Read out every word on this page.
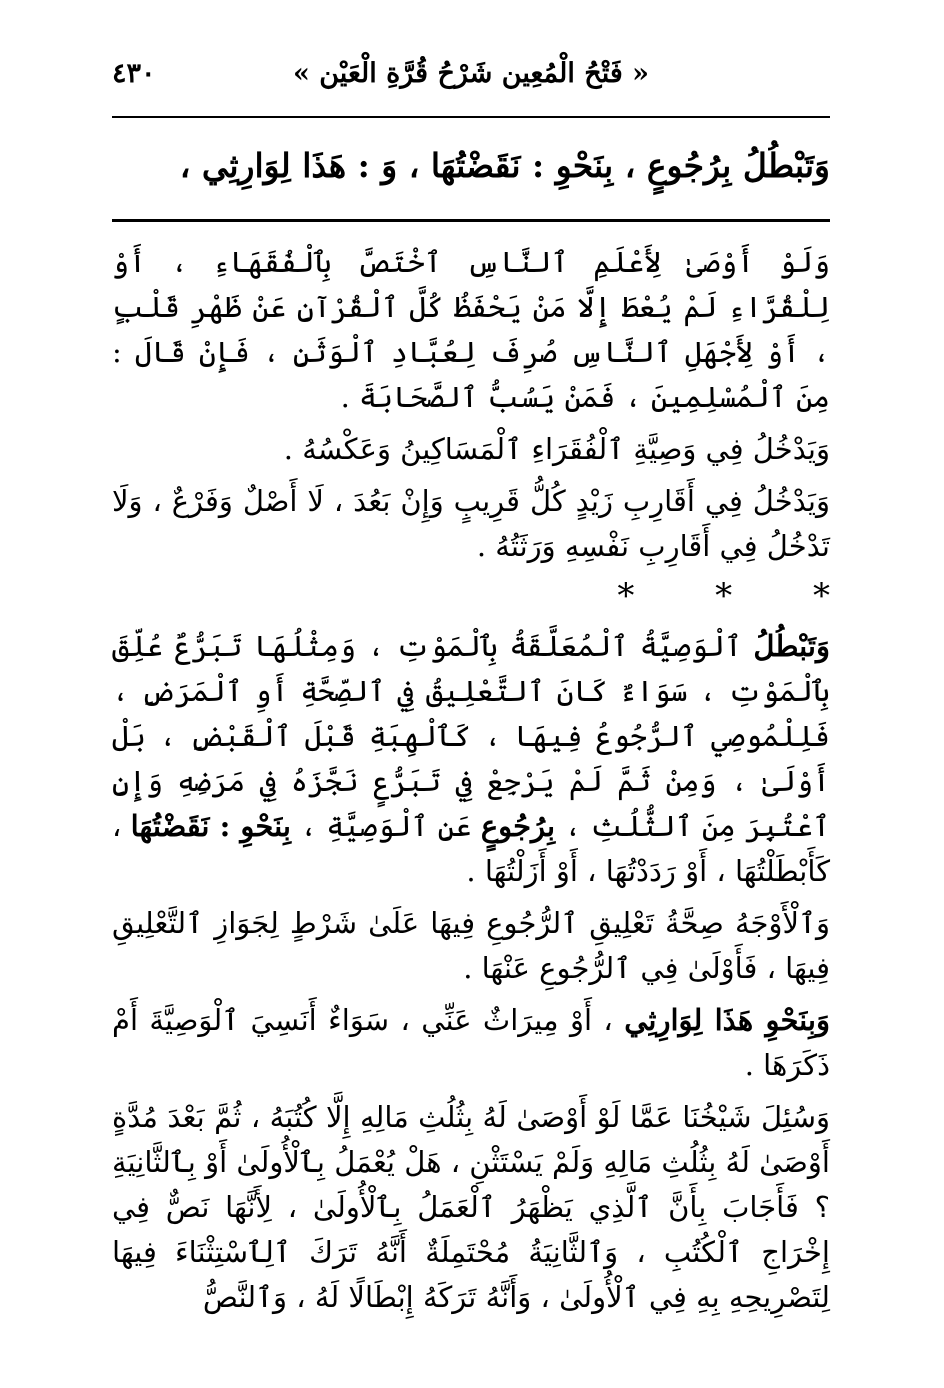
٤٣٠	« فَتْحُ الْمُعِين شَرْحُ قُرَّةِ الْعَيْن »
وَتَبْطُلُ بِرُجُوعٍ ، بِنَحْوِ : نَقَضْتُهَا ، وَ : هَذَا لِوَارِثِي ،

وَلَوْ أَوْصَىٰ لِأَعْلَمِ ٱلنَّاسِ ٱخْتَصَّ بِٱلْفُقَهَاءِ ، أَوْ لِلْقُرَّاءِ لَمْ يُعْطَ إِلَّا مَنْ يَحْفَظُ كُلَّ ٱلْقُرْآنِ عَنْ ظَهْرِ قَلْبٍ ، أَوْ لِأَجْهَلِ ٱلنَّاسِ صُرِفَ لِعُبَّادِ ٱلْوَثَنِ ، فَإِنْ قَالَ : مِنَ ٱلْمُسْلِمِينَ ، فَمَنْ يَسُبُّ ٱلصَّحَابَةَ .

وَيَدْخُلُ فِي وَصِيَّةِ ٱلْفُقَرَاءِ ٱلْمَسَاكِينُ وَعَكْسُهُ .

وَيَدْخُلُ فِي أَقَارِبِ زَيْدٍ كُلُّ قَرِيبٍ وَإِنْ بَعُدَ ، لَا أَصْلٌ وَفَرْعٌ ، وَلَا تَدْخُلُ فِي أَقَارِبِ نَفْسِهِ وَرَثَتُهُ .

* * *

وَتَبْطُلُ ٱلْوَصِيَّةُ ٱلْمُعَلَّقَةُ بِٱلْمَوْتِ ، وَمِثْلُهَا تَبَرُّعٌ عُلِّقَ بِٱلْمَوْتِ ، سَوَاءٌ كَانَ ٱلتَّعْلِيقُ فِي ٱلصِّحَّةِ أَوِ ٱلْمَرَضِ ، فَلِلْمُوصِي ٱلرُّجُوعُ فِيهَا ، كَٱلْهِبَةِ قَبْلَ ٱلْقَبْضِ ، بَلْ أَوْلَىٰ ، وَمِنْ ثَمَّ لَمْ يَرْجِعْ فِي تَبَرُّعٍ نَجَّزَهُ فِي مَرَضِهِ وَإِنِ ٱعْتُبِرَ مِنَ ٱلثُّلُثِ ، بِرُجُوعٍ عَنِ ٱلْوَصِيَّةِ ، بِنَحْوِ : نَقَضْتُهَا ، كَأَبْطَلْتُهَا ، أَوْ رَدَدْتُهَا ، أَوْ أَزَلْتُهَا .

وَٱلْأَوْجَهُ صِحَّةُ تَعْلِيقِ ٱلرُّجُوعِ فِيهَا عَلَىٰ شَرْطٍ لِجَوَازِ ٱلتَّعْلِيقِ فِيهَا ، فَأَوْلَىٰ فِي ٱلرُّجُوعِ عَنْهَا .

وَبِنَحْوِ هَذَا لِوَارِثِي ، أَوْ مِيرَاثٌ عَنِّي ، سَوَاءٌ أَنَسِيَ ٱلْوَصِيَّةَ أَمْ ذَكَرَهَا .

وَسُئِلَ شَيْخُنَا عَمَّا لَوْ أَوْصَىٰ لَهُ بِثُلُثِ مَالِهِ إِلَّا كُتُبَهُ ، ثُمَّ بَعْدَ مُدَّةٍ أَوْصَىٰ لَهُ بِثُلُثِ مَالِهِ وَلَمْ يَسْتَثْنِ ، هَلْ يُعْمَلُ بِٱلْأُولَىٰ أَوْ بِٱلثَّانِيَةِ ؟ فَأَجَابَ بِأَنَّ ٱلَّذِي يَظْهَرُ ٱلْعَمَلُ بِٱلْأُولَىٰ ، لِأَنَّهَا نَصٌّ فِي إِخْرَاجِ ٱلْكُتُبِ ، وَٱلثَّانِيَةُ مُحْتَمِلَةٌ أَنَّهُ تَرَكَ ٱلِٱسْتِثْنَاءَ فِيهَا لِتَصْرِيحِهِ بِهِ فِي ٱلْأُولَىٰ ، وَأَنَّهُ تَرَكَهُ إِبْطَالًا لَهُ ، وَٱلنَّصُّ
